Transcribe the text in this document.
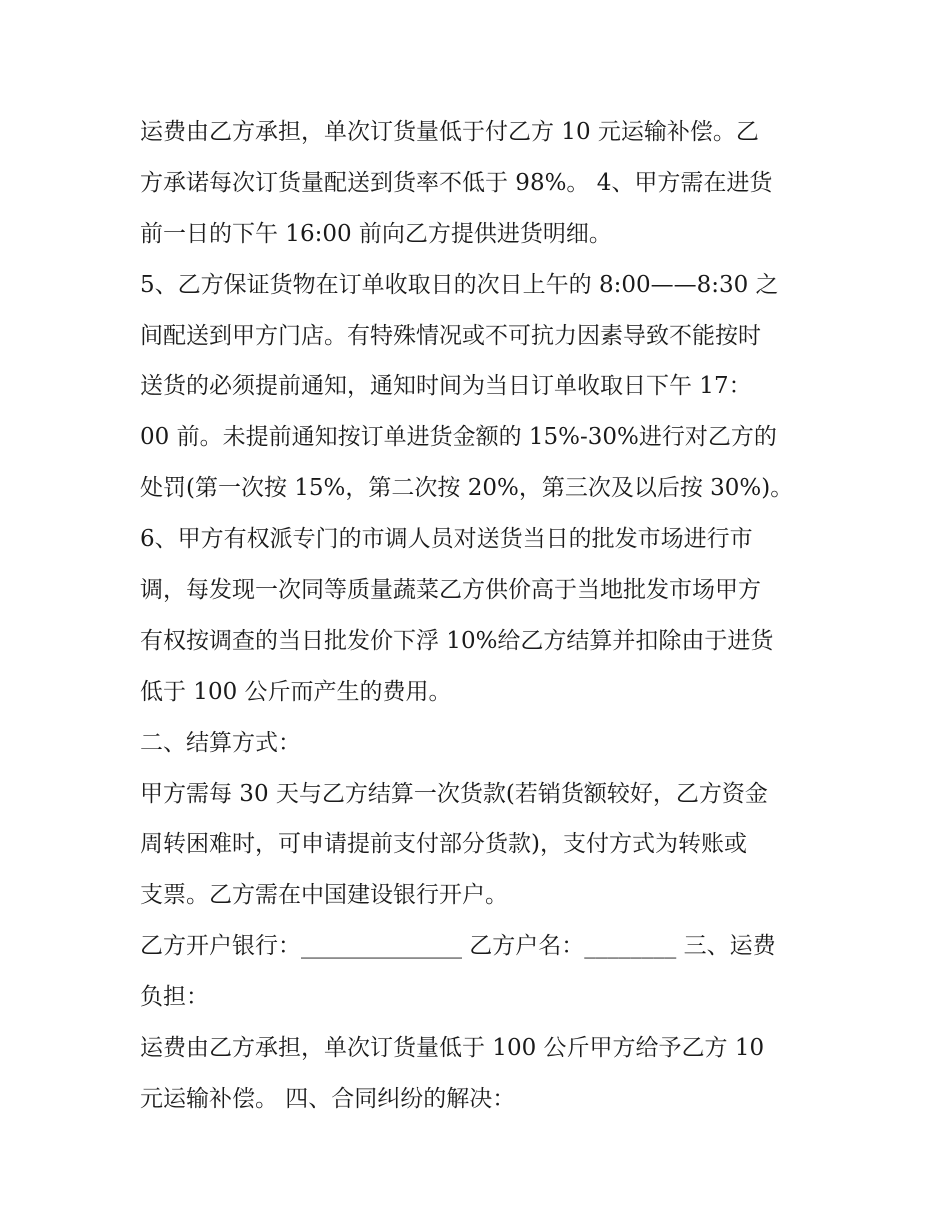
运费由乙方承担，单次订货量低于付乙方 10 元运输补偿。乙
方承诺每次订货量配送到货率不低于 98%。 4、甲方需在进货
前一日的下午 16:00 前向乙方提供进货明细。
5、乙方保证货物在订单收取日的次日上午的 8:00——8:30 之
间配送到甲方门店。有特殊情况或不可抗力因素导致不能按时
送货的必须提前通知，通知时间为当日订单收取日下午 17：
00 前。未提前通知按订单进货金额的 15%-30%进行对乙方的
处罚(第一次按 15%，第二次按 20%，第三次及以后按 30%)。
6、甲方有权派专门的市调人员对送货当日的批发市场进行市
调，每发现一次同等质量蔬菜乙方供价高于当地批发市场甲方
有权按调查的当日批发价下浮 10%给乙方结算并扣除由于进货
低于 100 公斤而产生的费用。
二、结算方式：
甲方需每 30 天与乙方结算一次货款(若销货额较好，乙方资金
周转困难时，可申请提前支付部分货款)，支付方式为转账或
支票。乙方需在中国建设银行开户。
乙方开户银行：______________ 乙方户名：________ 三、运费
负担：
运费由乙方承担，单次订货量低于 100 公斤甲方给予乙方 10
元运输补偿。 四、合同纠纷的解决：
